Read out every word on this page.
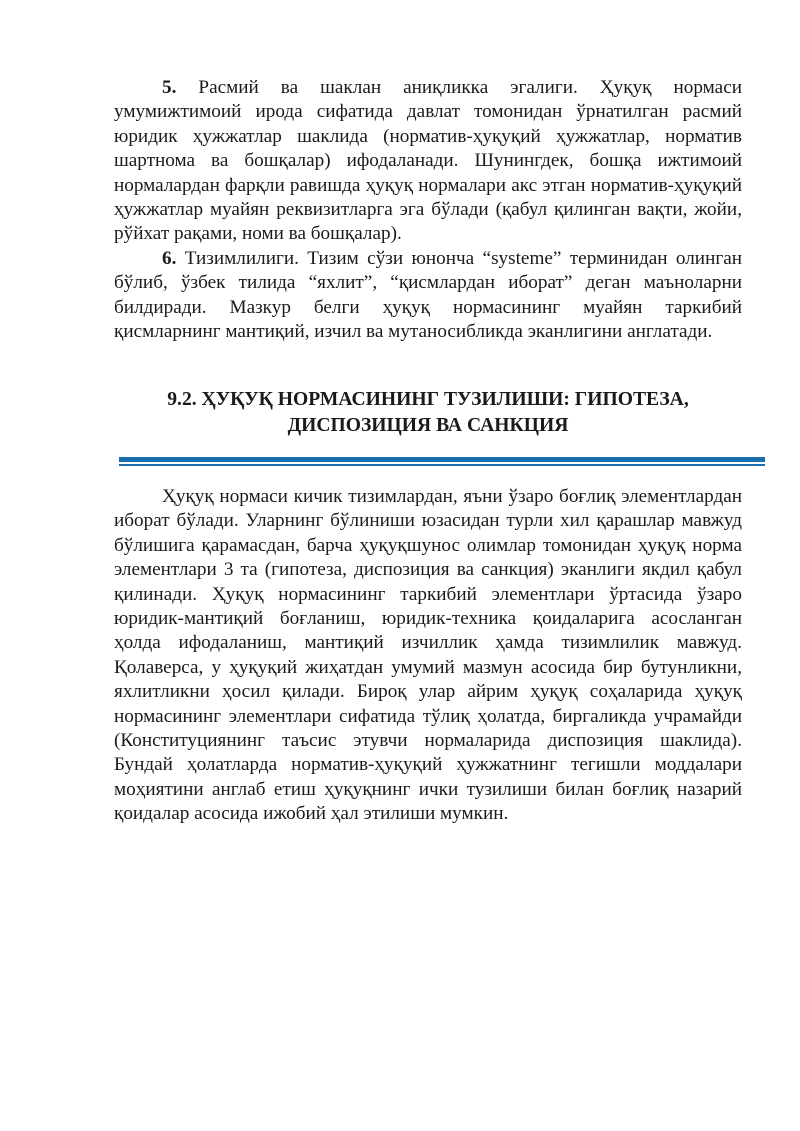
5. Расмий ва шаклан аниқликка эгалиги. Ҳуқуқ нормаси умумижтимоий ирода сифатида давлат томонидан ўрнатилган расмий юридик ҳужжатлар шаклида (норматив-ҳуқуқий ҳужжатлар, норматив шартнома ва бошқалар) ифодаланади. Шунингдек, бошқа ижтимоий нормалардан фарқли равишда ҳуқуқ нормалари акс этган норматив-ҳуқуқий ҳужжатлар муайян реквизитларга эга бўлади (қабул қилинган вақти, жойи, рўйхат рақами, номи ва бошқалар).

6. Тизимлилиги. Тизим сўзи юнонча “systeme” терминидан олинган бўлиб, ўзбек тилида “яхлит”, “қисмлардан иборат” деган маъноларни билдиради. Мазкур белги ҳуқуқ нормасининг муайян таркибий қисмларнинг мантиқий, изчил ва мутаносибликда эканлигини англатади.

9.2. ҲУҚУҚ НОРМАСИНИНГ ТУЗИЛИШИ: ГИПОТЕЗА,
ДИСПОЗИЦИЯ ВА САНКЦИЯ

Ҳуқуқ нормаси кичик тизимлардан, яъни ўзаро боғлиқ элементлардан иборат бўлади. Уларнинг бўлиниши юзасидан турли хил қарашлар мавжуд бўлишига қарамасдан, барча ҳуқуқшунос олимлар томонидан ҳуқуқ норма элементлари 3 та (гипотеза, диспозиция ва санкция) эканлиги якдил қабул қилинади. Ҳуқуқ нормасининг таркибий элементлари ўртасида ўзаро юридик-мантиқий боғланиш, юридик-техника қоидаларига асосланган ҳолда ифодаланиш, мантиқий изчиллик ҳамда тизимлилик мавжуд. Қолаверса, у ҳуқуқий жиҳатдан умумий мазмун асосида бир бутунликни, яхлитликни ҳосил қилади. Бироқ улар айрим ҳуқуқ соҳаларида ҳуқуқ нормасининг элементлари сифатида тўлиқ ҳолатда, биргаликда учрамайди (Конституциянинг таъсис этувчи нормаларида диспозиция шаклида). Бундай ҳолатларда норматив-ҳуқуқий ҳужжатнинг тегишли моддалари моҳиятини англаб етиш ҳуқуқнинг ички тузилиши билан боғлиқ назарий қоидалар асосида ижобий ҳал этилиши мумкин.
